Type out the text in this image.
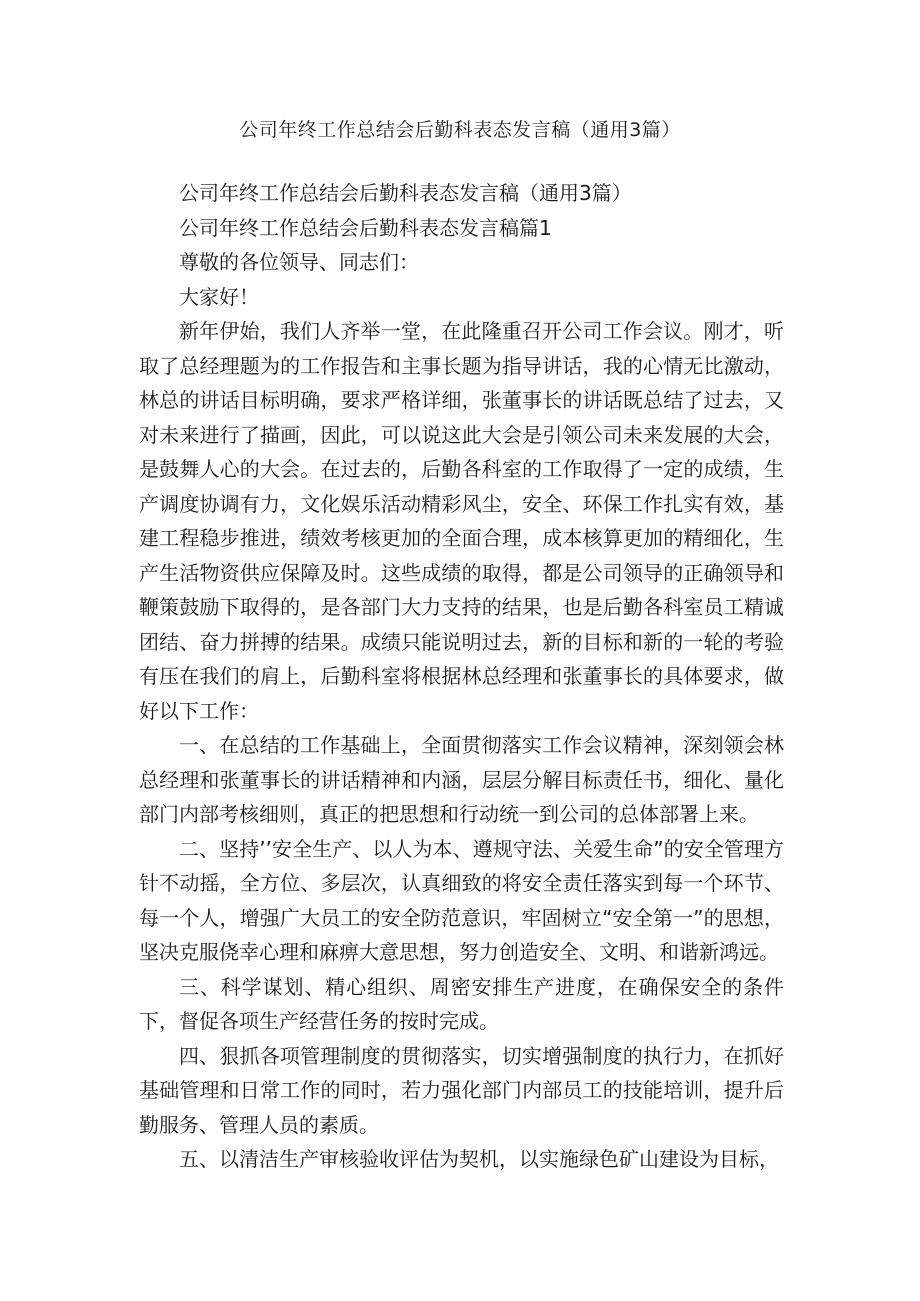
公司年终工作总结会后勤科表态发言稿（通用3篇）

公司年终工作总结会后勤科表态发言稿（通用3篇）

公司年终工作总结会后勤科表态发言稿篇1

尊敬的各位领导、同志们：

大家好！

新年伊始，我们人齐举一堂，在此隆重召开公司工作会议。刚才，听取了总经理题为的工作报告和主事长题为指导讲话，我的心情无比激动，林总的讲话目标明确，要求严格详细，张董事长的讲话既总结了过去，又对未来进行了描画，因此，可以说这此大会是引领公司未来发展的大会，是鼓舞人心的大会。在过去的，后勤各科室的工作取得了一定的成绩，生产调度协调有力，文化娱乐活动精彩风尘，安全、环保工作扎实有效，基建工程稳步推进，绩效考核更加的全面合理，成本核算更加的精细化，生产生活物资供应保障及时。这些成绩的取得，都是公司领导的正确领导和鞭策鼓励下取得的，是各部门大力支持的结果，也是后勤各科室员工精诚团结、奋力拼搏的结果。成绩只能说明过去，新的目标和新的一轮的考验有压在我们的肩上，后勤科室将根据林总经理和张董事长的具体要求，做好以下工作：

一、在总结的工作基础上，全面贯彻落实工作会议精神，深刻领会林总经理和张董事长的讲话精神和内涵，层层分解目标责任书，细化、量化部门内部考核细则，真正的把思想和行动统一到公司的总体部署上来。

二、坚持’’安全生产、以人为本、遵规守法、关爱生命”的安全管理方针不动摇，全方位、多层次，认真细致的将安全责任落实到每一个环节、每一个人，增强广大员工的安全防范意识，牢固树立“安全第一”的思想，坚决克服侥幸心理和麻痹大意思想，努力创造安全、文明、和谐新鸿远。

三、科学谋划、精心组织、周密安排生产进度，在确保安全的条件下，督促各项生产经营任务的按时完成。

四、狠抓各项管理制度的贯彻落实，切实增强制度的执行力，在抓好基础管理和日常工作的同时，若力强化部门内部员工的技能培训，提升后勤服务、管理人员的素质。

五、以清洁生产审核验收评估为契机，以实施绿色矿山建设为目标，
